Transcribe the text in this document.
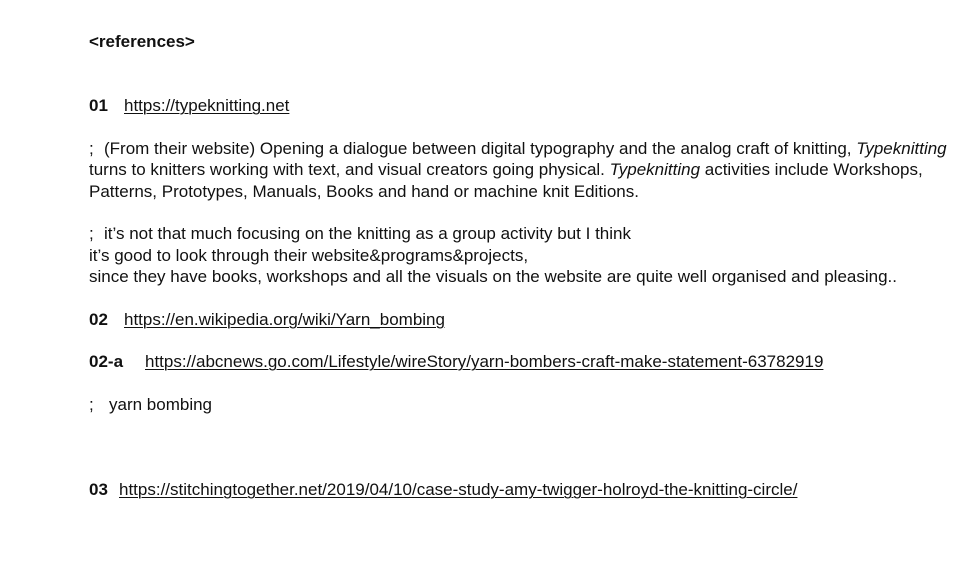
<references>

01 https://typeknitting.net

; (From their website) Opening a dialogue between digital typography and the analog craft of knitting, Typeknitting turns to knitters working with text, and visual creators going physical. Typeknitting activities include Workshops, Patterns, Prototypes, Manuals, Books and hand or machine knit Editions.

; it’s not that much focusing on the knitting as a group activity but I think
it’s good to look through their website&programs&projects,
since they have books, workshops and all the visuals on the website are quite well organised and pleasing..

02 https://en.wikipedia.org/wiki/Yarn_bombing

02-a https://abcnews.go.com/Lifestyle/wireStory/yarn-bombers-craft-make-statement-63782919

; yarn bombing

03 https://stitchingtogether.net/2019/04/10/case-study-amy-twigger-holroyd-the-knitting-circle/
